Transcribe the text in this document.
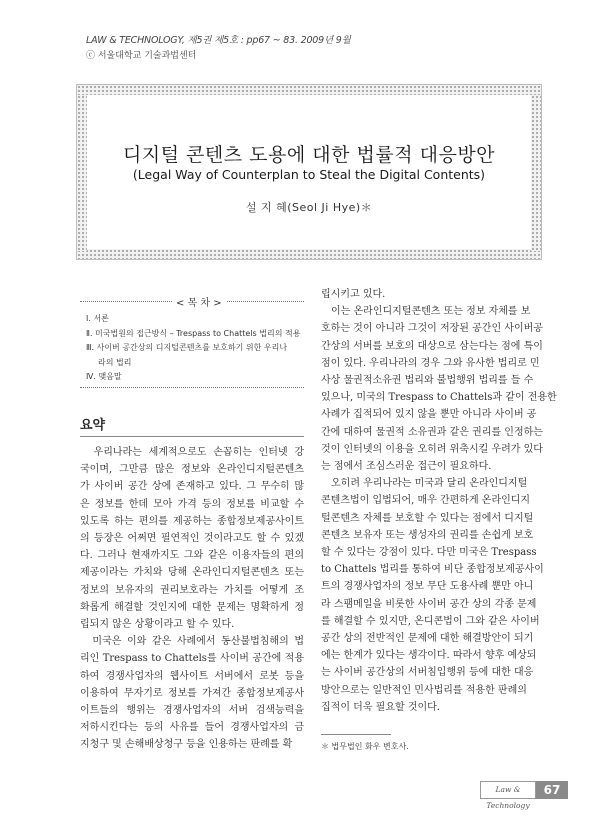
LAW & TECHNOLOGY, 제5권 제5호 : pp67 ~ 83. 2009년 9월
ⓒ 서울대학교 기술과법센터
디지털 콘텐츠 도용에 대한 법률적 대응방안
(Legal Way of Counterplan to Steal the Digital Contents)
설 지 혜(Seol Ji Hye)＊
< 목 차 >
Ⅰ. 서론
Ⅱ. 미국법원의 접근방식 – Trespass to Chattels 법리의 적용
Ⅲ. 사이버 공간상의 디지털콘텐츠를 보호하기 위한 우리나
라의 법리
Ⅳ. 맺음말
요약

　우리나라는 세계적으로도 손꼽히는 인터넷 강

국이며, 그만큼 많은 정보와 온라인디지털콘텐츠

가 사이버 공간 상에 존재하고 있다. 그 무수히 많

은 정보를 한데 모아 가격 등의 정보를 비교할 수

있도록 하는 편의를 제공하는 종합정보제공사이트

의 등장은 어쩌면 필연적인 것이라고도 할 수 있겠

다. 그러나 현재까지도 그와 같은 이용자들의 편의

제공이라는 가치와 당해 온라인디지털콘텐츠 또는

정보의 보유자의 권리보호라는 가치를 어떻게 조

화롭게 해결할 것인지에 대한 문제는 명확하게 정

립되지 않은 상황이라고 할 수 있다.

　미국은 이와 같은 사례에서 동산불법침해의 법

리인 Trespass to Chattels를 사이버 공간에 적용

하여 경쟁사업자의 웹사이트 서버에서 로봇 등을

이용하여 무자기로 정보를 가져간 종합정보제공사

이트들의 행위는 경쟁사업자의 서버 검색능력을

저하시킨다는 등의 사유를 들어 경쟁사업자의 금

지청구 및 손해배상청구 등을 인용하는 판례를 확

립시키고 있다.

　이는 온라인디지털콘텐츠 또는 정보 자체를 보

호하는 것이 아니라 그것이 저장된 공간인 사이버공

간상의 서버를 보호의 대상으로 삼는다는 점에 특이

점이 있다. 우리나라의 경우 그와 유사한 법리로 민

사상 물권적소유권 법리와 불법행위 법리를 들 수

있으나, 미국의 Trespass to Chattels과 같이 전용한

사례가 집적되어 있지 않을 뿐만 아니라 사이버 공

간에 대하여 물권적 소유권과 같은 권리를 인정하는

것이 인터넷의 이용을 오히려 위축시킬 우려가 있다

는 점에서 조심스러운 접근이 필요하다.

　오히려 우리나라는 미국과 달리 온라인디지털

콘텐츠법이 입법되어, 매우 간편하게 온라인디지

털콘텐츠 자체를 보호할 수 있다는 점에서 디지털

콘텐츠 보유자 또는 생성자의 권리를 손쉽게 보호

할 수 있다는 강점이 있다. 다만 미국은 Trespass

to Chattels 법리를 통하여 비단 종합정보제공사이

트의 경쟁사업자의 정보 무단 도용사례 뿐만 아니

라 스팸메일을 비롯한 사이버 공간 상의 각종 문제

를 해결할 수 있지만, 온디콘법이 그와 같은 사이버

공간 상의 전반적인 문제에 대한 해결방안이 되기

에는 한계가 있다는 생각이다. 따라서 향후 예상되

는 사이버 공간상의 서버침입행위 등에 대한 대응

방안으로는 일반적인 민사법리를 적용한 판례의

집적이 더욱 필요할 것이다.

＊ 법무법인 화우 변호사.
Law & Technology
67
